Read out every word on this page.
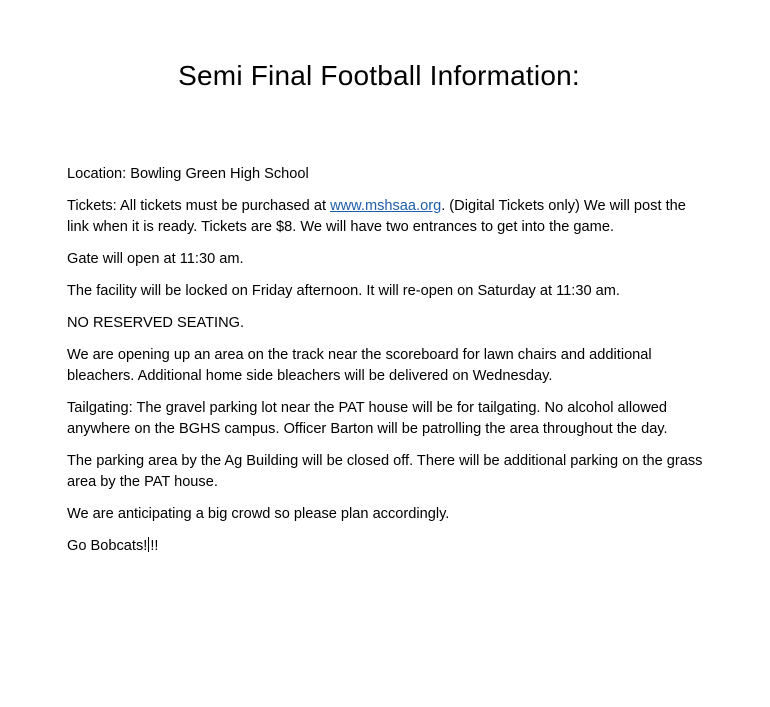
Semi Final Football Information:

Location: Bowling Green High School

Tickets: All tickets must be purchased at www.mshsaa.org. (Digital Tickets only) We will post the link when it is ready. Tickets are $8. We will have two entrances to get into the game.

Gate will open at 11:30 am.

The facility will be locked on Friday afternoon. It will re-open on Saturday at 11:30 am.

NO RESERVED SEATING.

We are opening up an area on the track near the scoreboard for lawn chairs and additional bleachers. Additional home side bleachers will be delivered on Wednesday.

Tailgating: The gravel parking lot near the PAT house will be for tailgating. No alcohol allowed anywhere on the BGHS campus. Officer Barton will be patrolling the area throughout the day.

The parking area by the Ag Building will be closed off. There will be additional parking on the grass area by the PAT house.

We are anticipating a big crowd so please plan accordingly.

Go Bobcats! !!
